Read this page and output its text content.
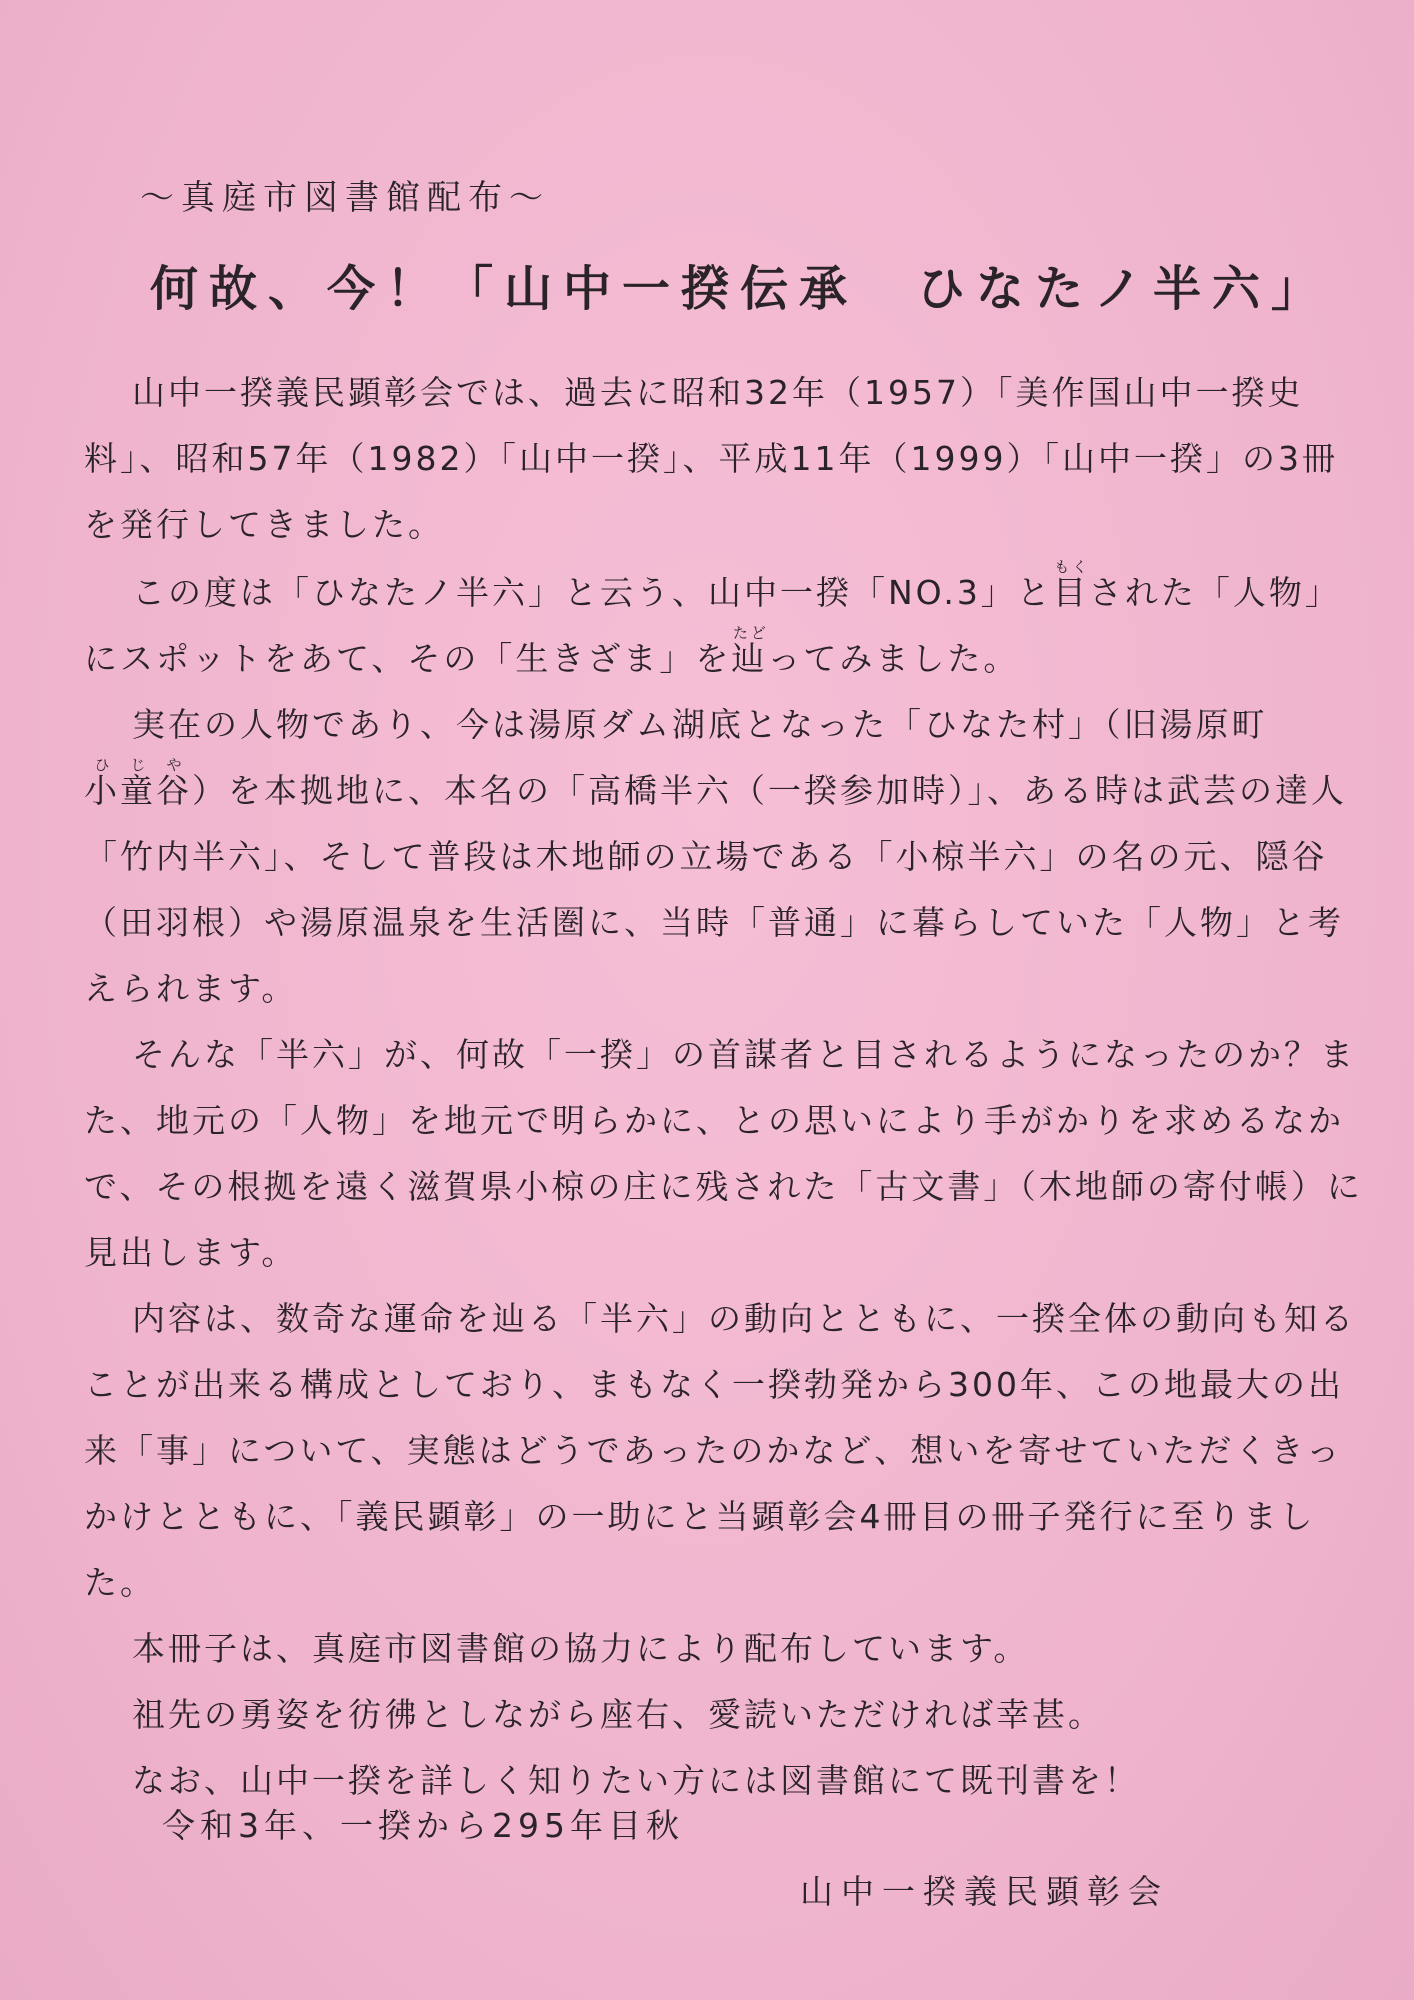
～真庭市図書館配布～
何故、今！「山中一揆伝承　ひなたノ半六」

山中一揆義民顕彰会では、過去に昭和32年（1957）「美作国山中一揆史料」、昭和57年（1982）「山中一揆」、平成11年（1999）「山中一揆」の3冊を発行してきました。

この度は「ひなたノ半六」と云う、山中一揆「NO.3」と目もくされた「人物」にスポットをあて、その「生きざま」を辿たどってみました。

実在の人物であり、今は湯原ダム湖底となった「ひなた村」（旧湯原町小童谷ひじや）を本拠地に、本名の「高橋半六（一揆参加時）」、ある時は武芸の達人「竹内半六」、そして普段は木地師の立場である「小椋半六」の名の元、隠谷（田羽根）や湯原温泉を生活圏に、当時「普通」に暮らしていた「人物」と考えられます。

そんな「半六」が、何故「一揆」の首謀者と目されるようになったのか？また、地元の「人物」を地元で明らかに、との思いにより手がかりを求めるなかで、その根拠を遠く滋賀県小椋の庄に残された「古文書」（木地師の寄付帳）に見出します。

内容は、数奇な運命を辿る「半六」の動向とともに、一揆全体の動向も知ることが出来る構成としており、まもなく一揆勃発から300年、この地最大の出来「事」について、実態はどうであったのかなど、想いを寄せていただくきっかけとともに、「義民顕彰」の一助にと当顕彰会4冊目の冊子発行に至りました。

本冊子は、真庭市図書館の協力により配布しています。

祖先の勇姿を彷彿としながら座右、愛読いただければ幸甚。

なお、山中一揆を詳しく知りたい方には図書館にて既刊書を！

令和3年、一揆から295年目秋
山中一揆義民顕彰会
